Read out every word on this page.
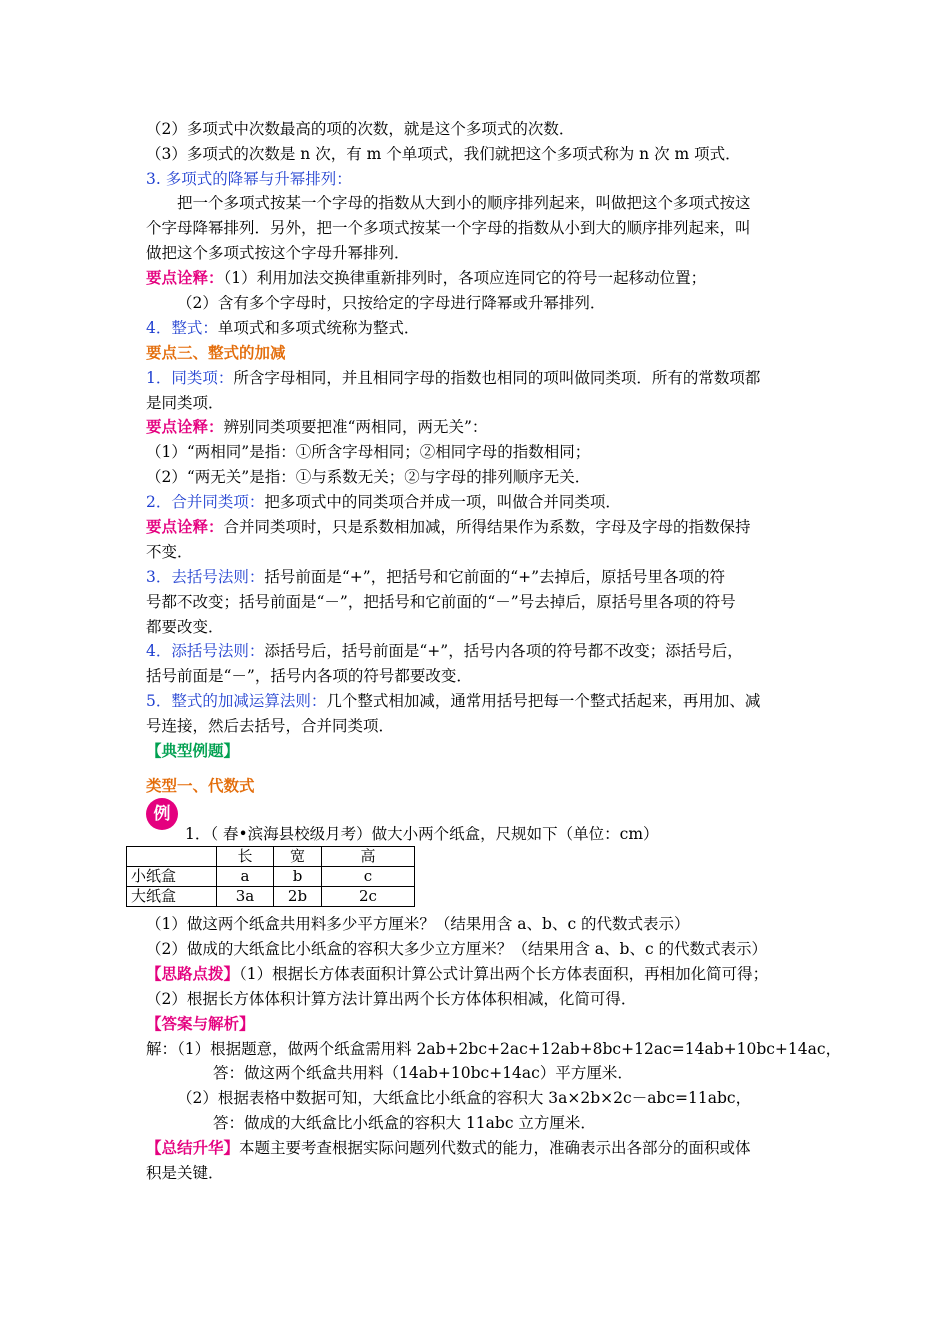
（2）多项式中次数最高的项的次数，就是这个多项式的次数．
（3）多项式的次数是 n 次，有 m 个单项式，我们就把这个多项式称为 n 次 m 项式．
3. 多项式的降幂与升幂排列：
把一个多项式按某一个字母的指数从大到小的顺序排列起来，叫做把这个多项式按这
个字母降幂排列．另外，把一个多项式按某一个字母的指数从小到大的顺序排列起来，叫
做把这个多项式按这个字母升幂排列．
要点诠释：（1）利用加法交换律重新排列时，各项应连同它的符号一起移动位置；
（2）含有多个字母时，只按给定的字母进行降幂或升幂排列．
4．整式：单项式和多项式统称为整式．
要点三、整式的加减
1．同类项：所含字母相同，并且相同字母的指数也相同的项叫做同类项．所有的常数项都
是同类项．
要点诠释：辨别同类项要把准“两相同，两无关”：
（1）“两相同”是指：①所含字母相同；②相同字母的指数相同；
（2）“两无关”是指：①与系数无关；②与字母的排列顺序无关．
2．合并同类项：把多项式中的同类项合并成一项，叫做合并同类项．
要点诠释：合并同类项时，只是系数相加减，所得结果作为系数，字母及字母的指数保持
不变．
3．去括号法则：括号前面是“+”，把括号和它前面的“+”去掉后，原括号里各项的符
号都不改变；括号前面是“－”，把括号和它前面的“－”号去掉后，原括号里各项的符号
都要改变．
4．添括号法则：添括号后，括号前面是“+”，括号内各项的符号都不改变；添括号后，
括号前面是“－”，括号内各项的符号都要改变．
5．整式的加减运算法则：几个整式相加减，通常用括号把每一个整式括起来，再用加、减
号连接，然后去括号，合并同类项．
【典型例题】
类型一、代数式
例
1．（ 春•滨海县校级月考）做大小两个纸盒，尺规如下（单位：cm）
	长	宽	高
小纸盒	a	b	c
大纸盒	3a	2b	2c
（1）做这两个纸盒共用料多少平方厘米？（结果用含 a、b、c 的代数式表示）
（2）做成的大纸盒比小纸盒的容积大多少立方厘米？（结果用含 a、b、c 的代数式表示）
【思路点拨】（1）根据长方体表面积计算公式计算出两个长方体表面积，再相加化简可得；
（2）根据长方体体积计算方法计算出两个长方体体积相减，化简可得．
【答案与解析】
解：（1）根据题意，做两个纸盒需用料 2ab+2bc+2ac+12ab+8bc+12ac=14ab+10bc+14ac，
答：做这两个纸盒共用料（14ab+10bc+14ac）平方厘米．
（2）根据表格中数据可知，大纸盒比小纸盒的容积大 3a×2b×2c－abc=11abc，
答：做成的大纸盒比小纸盒的容积大 11abc 立方厘米．
【总结升华】本题主要考查根据实际问题列代数式的能力，准确表示出各部分的面积或体
积是关键．
